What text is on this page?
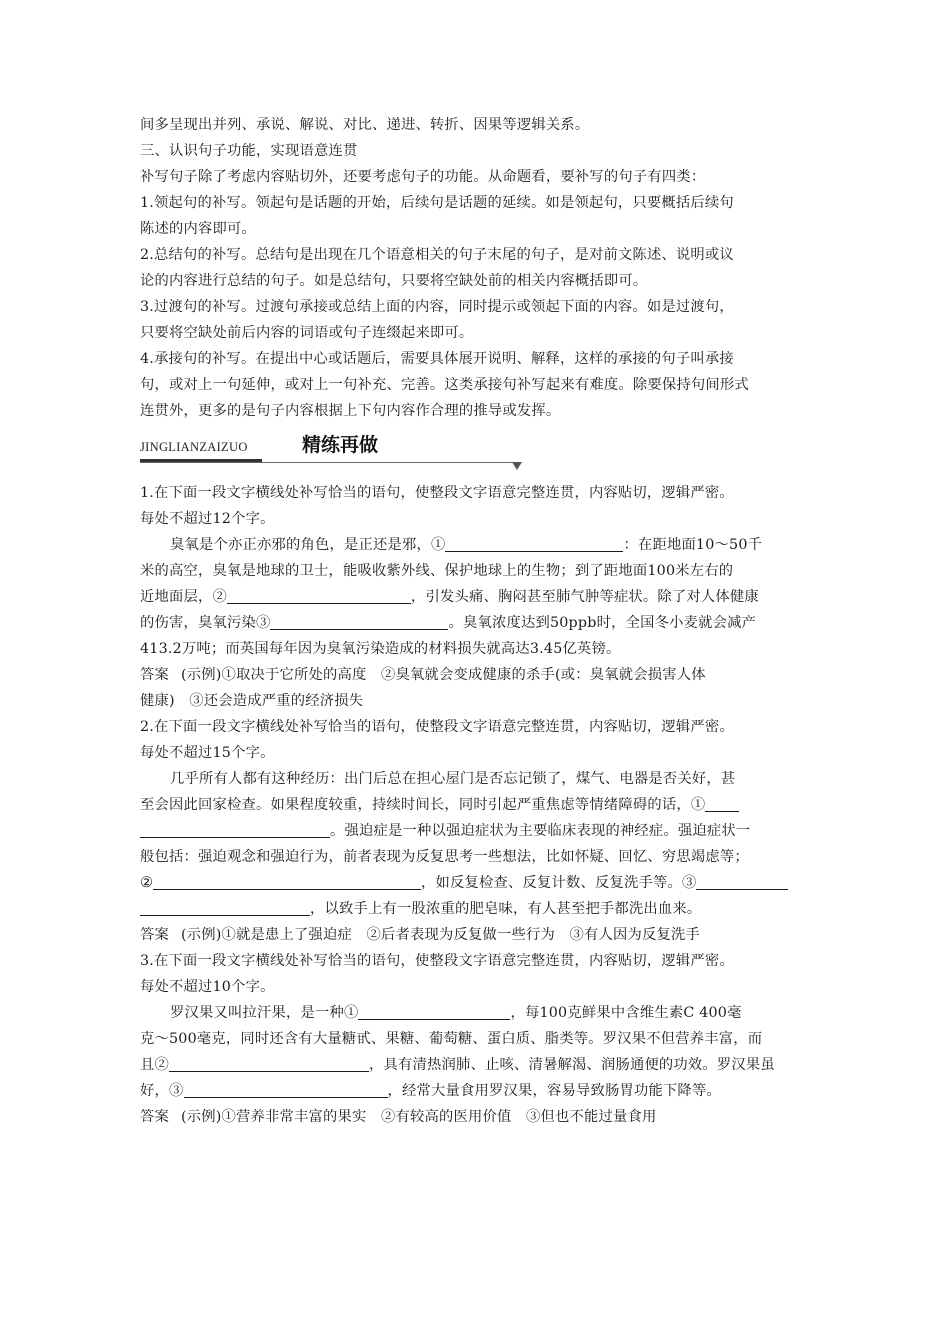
间多呈现出并列、承说、解说、对比、递进、转折、因果等逻辑关系。
三、认识句子功能，实现语意连贯
补写句子除了考虑内容贴切外，还要考虑句子的功能。从命题看，要补写的句子有四类：
1.领起句的补写。领起句是话题的开始，后续句是话题的延续。如是领起句，只要概括后续句
陈述的内容即可。
2.总结句的补写。总结句是出现在几个语意相关的句子末尾的句子，是对前文陈述、说明或议
论的内容进行总结的句子。如是总结句，只要将空缺处前的相关内容概括即可。
3.过渡句的补写。过渡句承接或总结上面的内容，同时提示或领起下面的内容。如是过渡句，
只要将空缺处前后内容的词语或句子连缀起来即可。
4.承接句的补写。在提出中心或话题后，需要具体展开说明、解释，这样的承接的句子叫承接
句，或对上一句延伸，或对上一句补充、完善。这类承接句补写起来有难度。除要保持句间形式
连贯外，更多的是句子内容根据上下句内容作合理的推导或发挥。
JINGLIANZAIZUO	精练再做
1.在下面一段文字横线处补写恰当的语句，使整段文字语意完整连贯，内容贴切，逻辑严密。
每处不超过12个字。
臭氧是个亦正亦邪的角色，是正还是邪，①	：在距地面10～50千
米的高空，臭氧是地球的卫士，能吸收紫外线、保护地球上的生物；到了距地面100米左右的
近地面层，②	，引发头痛、胸闷甚至肺气肿等症状。除了对人体健康
的伤害，臭氧污染③	。臭氧浓度达到50ppb时，全国冬小麦就会减产
413.2万吨；而英国每年因为臭氧污染造成的材料损失就高达3.45亿英镑。
答案 (示例)①取决于它所处的高度　②臭氧就会变成健康的杀手(或：臭氧就会损害人体
健康)　③还会造成严重的经济损失
2.在下面一段文字横线处补写恰当的语句，使整段文字语意完整连贯，内容贴切，逻辑严密。
每处不超过15个字。
几乎所有人都有这种经历：出门后总在担心屋门是否忘记锁了，煤气、电器是否关好，甚
至会因此回家检查。如果程度较重，持续时间长，同时引起严重焦虑等情绪障碍的话，①
。强迫症是一种以强迫症状为主要临床表现的神经症。强迫症状一
般包括：强迫观念和强迫行为，前者表现为反复思考一些想法，比如怀疑、回忆、穷思竭虑等；
②	，如反复检查、反复计数、反复洗手等。③
，以致手上有一股浓重的肥皂味，有人甚至把手都洗出血来。
答案 (示例)①就是患上了强迫症　②后者表现为反复做一些行为　③有人因为反复洗手
3.在下面一段文字横线处补写恰当的语句，使整段文字语意完整连贯，内容贴切，逻辑严密。
每处不超过10个字。
罗汉果又叫拉汗果，是一种①	，每100克鲜果中含维生素C 400毫
克～500毫克，同时还含有大量糖甙、果糖、葡萄糖、蛋白质、脂类等。罗汉果不但营养丰富，而
且②	，具有清热润肺、止咳、清暑解渴、润肠通便的功效。罗汉果虽
好，③	，经常大量食用罗汉果，容易导致肠胃功能下降等。
答案 (示例)①营养非常丰富的果实　②有较高的医用价值　③但也不能过量食用
